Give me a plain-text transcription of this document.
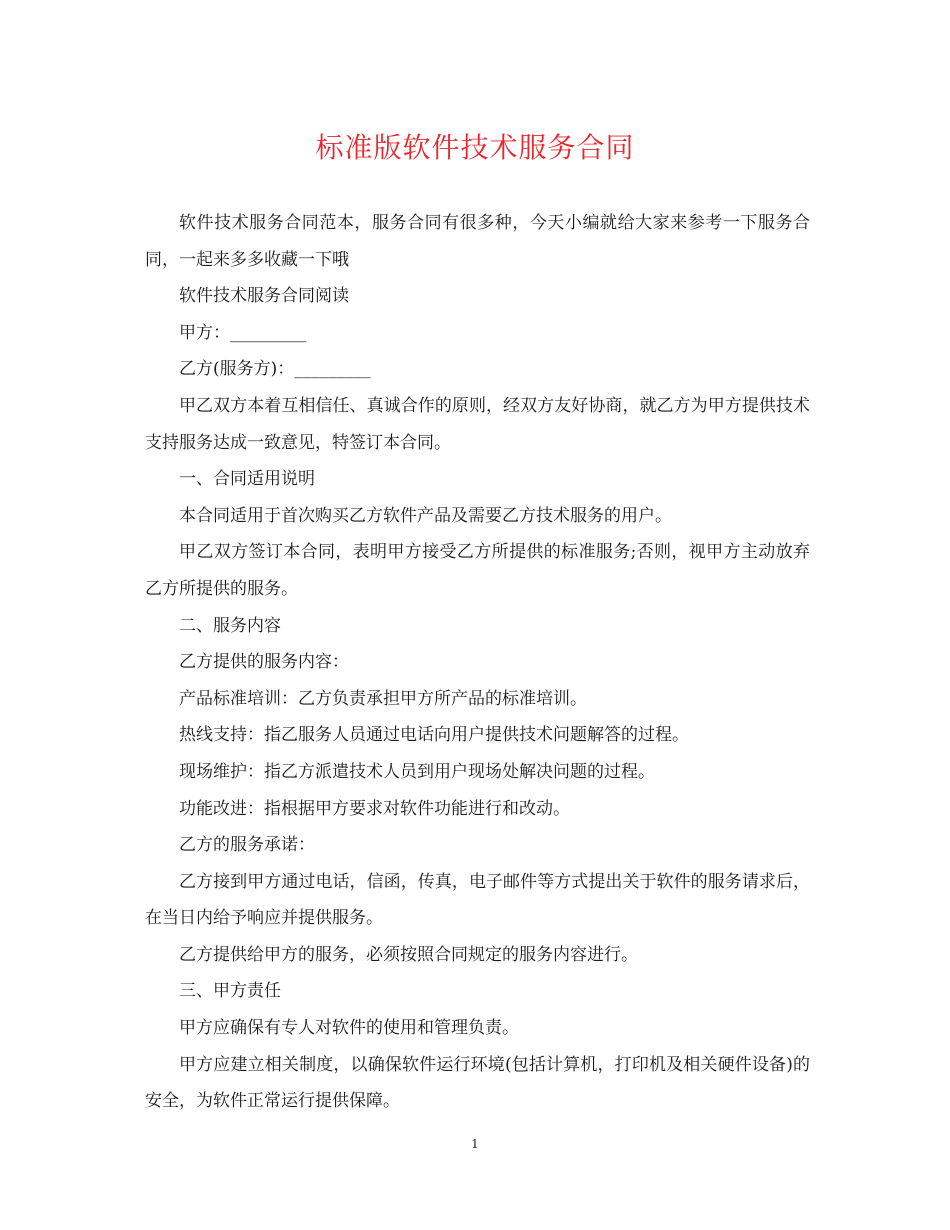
标准版软件技术服务合同

软件技术服务合同范本，服务合同有很多种，今天小编就给大家来参考一下服务合同，一起来多多收藏一下哦

软件技术服务合同阅读

甲方：_________

乙方(服务方)：_________

甲乙双方本着互相信任、真诚合作的原则，经双方友好协商，就乙方为甲方提供技术支持服务达成一致意见，特签订本合同。

一、合同适用说明

本合同适用于首次购买乙方软件产品及需要乙方技术服务的用户。

甲乙双方签订本合同，表明甲方接受乙方所提供的标准服务;否则，视甲方主动放弃乙方所提供的服务。

二、服务内容

乙方提供的服务内容：

产品标准培训：乙方负责承担甲方所产品的标准培训。

热线支持：指乙服务人员通过电话向用户提供技术问题解答的过程。

现场维护：指乙方派遣技术人员到用户现场处解决问题的过程。

功能改进：指根据甲方要求对软件功能进行和改动。

乙方的服务承诺：

乙方接到甲方通过电话，信函，传真，电子邮件等方式提出关于软件的服务请求后，在当日内给予响应并提供服务。

乙方提供给甲方的服务，必须按照合同规定的服务内容进行。

三、甲方责任

甲方应确保有专人对软件的使用和管理负责。

甲方应建立相关制度，以确保软件运行环境(包括计算机，打印机及相关硬件设备)的安全，为软件正常运行提供保障。

1
